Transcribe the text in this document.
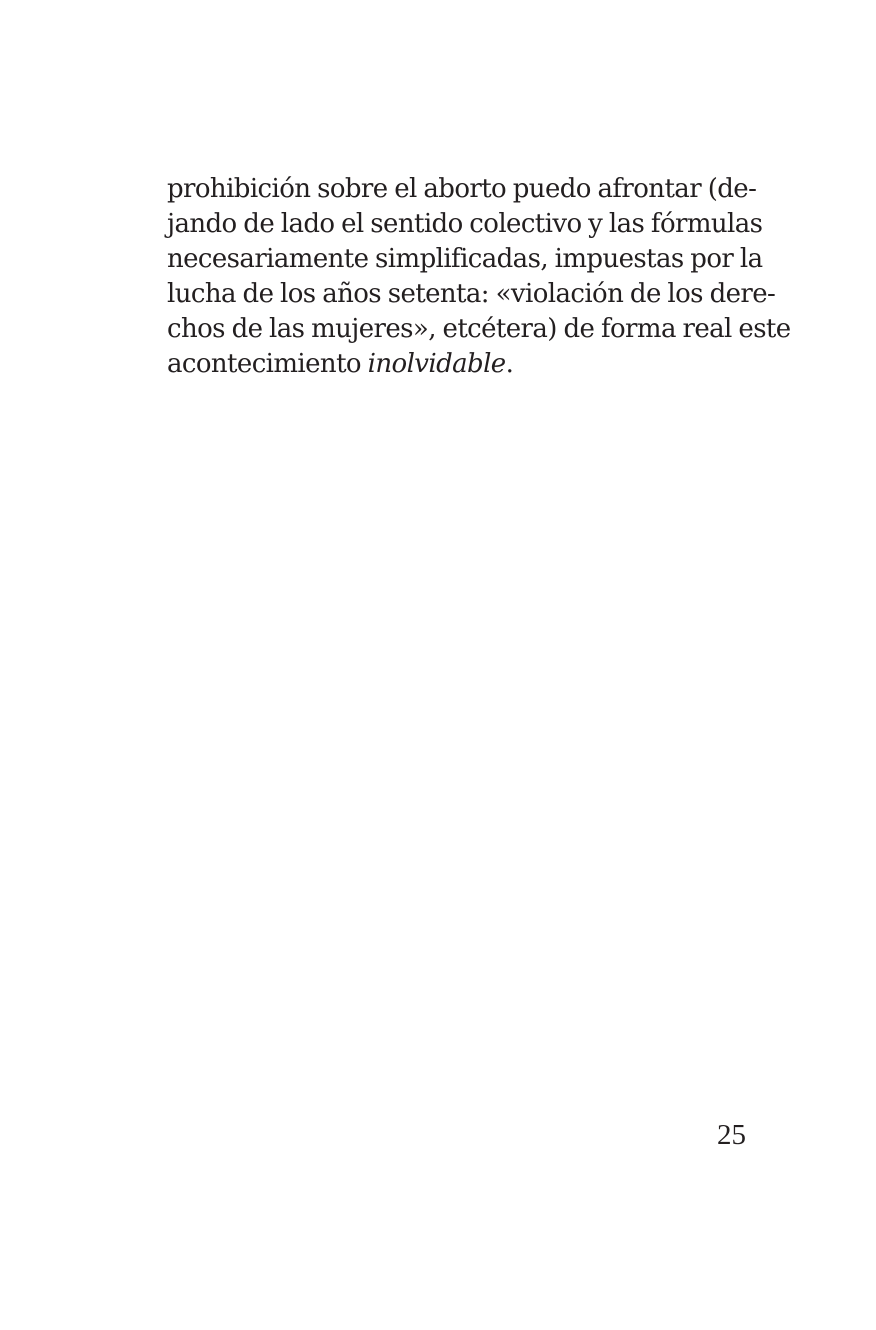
prohibición sobre el aborto puedo afrontar (de-
jando de lado el sentido colectivo y las fórmulas
necesariamente simplificadas, impuestas por la
lucha de los años setenta: «violación de los dere-
chos de las mujeres», etcétera) de forma real este
acontecimiento inolvidable.
25
